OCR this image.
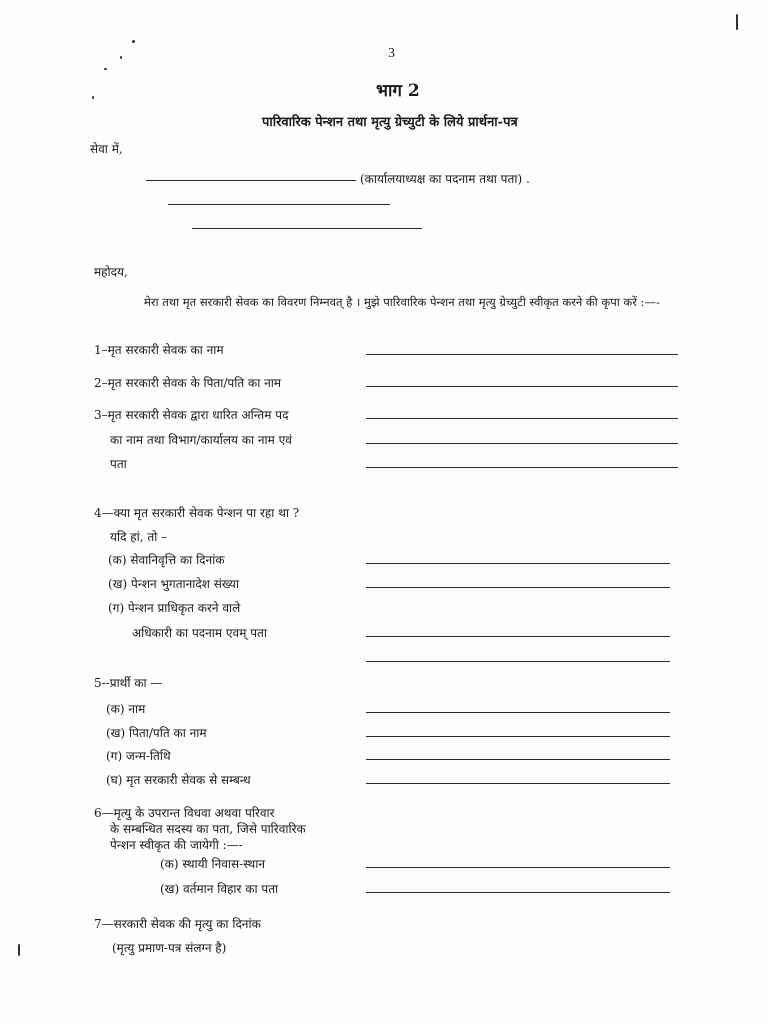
3
भाग 2
पारिवारिक पेन्शन तथा मृत्यु ग्रेच्युटी के लिये प्रार्थना-पत्र
सेवा में,
(कार्यालयाध्यक्ष का पदनाम तथा पता) .
महोदय,
मेरा तथा मृत सरकारी सेवक का विवरण निम्नवत् है । मुझे पारिवारिक पेन्शन तथा मृत्यु ग्रेच्युटी स्वीकृत करने की कृपा करें :—-
1–मृत सरकारी सेवक का नाम
2–मृत सरकारी सेवक के पिता/पति का नाम
3–मृत सरकारी सेवक द्वारा धारित अन्तिम पद
का नाम तथा विभाग/कार्यालय का नाम एवं
पता
4—क्या मृत सरकारी सेवक पेन्शन पा रहा था ?
यदि हां, तो –
(क) सेवानिवृत्ति का दिनांक
(ख) पेन्शन भुगतानादेश संख्या
(ग) पेन्शन प्राधिकृत करने वाले
अधिकारी का पदनाम एवम् पता
5--प्रार्थी का —
(क) नाम
(ख) पिता/पति का नाम
(ग) जन्म-तिथि
(घ) मृत सरकारी सेवक से सम्बन्ध
6—मृत्यु के उपरान्त विधवा अथवा परिवार
के सम्बन्धित सदस्य का पता, जिसे पारिवारिक
पेन्शन स्वीकृत की जायेगी :—-
(क) स्थायी निवास-स्थान
(ख) वर्तमान विहार का पता
7—सरकारी सेवक की मृत्यु का दिनांक
(मृत्यु प्रमाण-पत्र संलग्न है)
